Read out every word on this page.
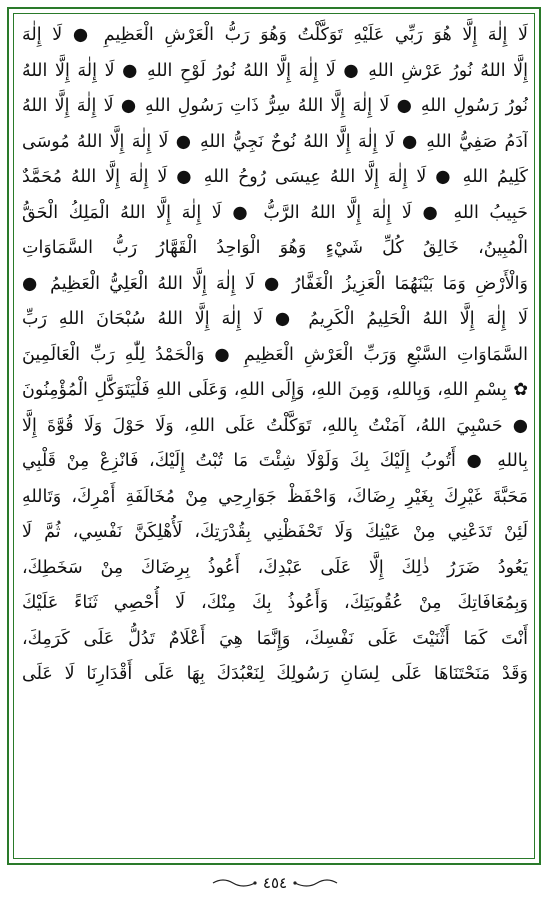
لَا إِلٰهَ إِلَّا هُوَ رَبِّي عَلَيْهِ تَوَكَّلْتُ وَهُوَ رَبُّ الْعَرْشِ الْعَظِيمِ ● لَا إِلٰهَ
إِلَّا اللهُ نُورُ عَرْشِ اللهِ ● لَا إِلٰهَ إِلَّا اللهُ نُورُ لَوْحِ اللهِ ● لَا إِلٰهَ إِلَّا اللهُ
نُورُ رَسُولِ اللهِ ● لَا إِلٰهَ إِلَّا اللهُ سِرُّ ذَاتِ رَسُولِ اللهِ ● لَا إِلٰهَ إِلَّا اللهُ
آدَمُ صَفِيُّ اللهِ ● لَا إِلٰهَ إِلَّا اللهُ نُوحٌ نَجِيُّ اللهِ ● لَا إِلٰهَ إِلَّا اللهُ مُوسَى
كَلِيمُ اللهِ ● لَا إِلٰهَ إِلَّا اللهُ عِيسَى رُوحُ اللهِ ● لَا إِلٰهَ إِلَّا اللهُ مُحَمَّدٌ
حَبِيبُ اللهِ ● لَا إِلٰهَ إِلَّا اللهُ الرَّبُّ ● لَا إِلٰهَ إِلَّا اللهُ الْمَلِكُ الْحَقُّ
الْمُبِينُ، خَالِقُ كُلِّ شَيْءٍ وَهُوَ الْوَاحِدُ الْقَهَّارُ رَبُّ السَّمَاوَاتِ
وَالْأَرْضِ وَمَا بَيْنَهُمَا الْعَزِيزُ الْغَفَّارُ ● لَا إِلٰهَ إِلَّا اللهُ الْعَلِيُّ الْعَظِيمُ ●
لَا إِلٰهَ إِلَّا اللهُ الْحَلِيمُ الْكَرِيمُ ● لَا إِلٰهَ إِلَّا اللهُ سُبْحَانَ اللهِ رَبِّ
السَّمَاوَاتِ السَّبْعِ وَرَبِّ الْعَرْشِ الْعَظِيمِ ● وَالْحَمْدُ لِلّٰهِ رَبِّ الْعَالَمِينَ
✿ بِسْمِ اللهِ، وَبِاللهِ، وَمِنَ اللهِ، وَإِلَى اللهِ، وَعَلَى اللهِ فَلْيَتَوَكَّلِ الْمُؤْمِنُونَ
● حَسْبِيَ اللهُ، آمَنْتُ بِاللهِ، تَوَكَّلْتُ عَلَى اللهِ، وَلَا حَوْلَ وَلَا قُوَّةَ إِلَّا
بِاللهِ ● أَتُوبُ إِلَيْكَ بِكَ وَلَوْلَا شِئْتَ مَا تُبْتُ إِلَيْكَ، فَانْزِعْ مِنْ قَلْبِي
مَحَبَّةَ غَيْرِكَ بِغَيْرِ رِضَاكَ، وَاحْفَظْ جَوَارِحِي مِنْ مُخَالَفَةِ أَمْرِكَ، وَتَاللهِ
لَئِنْ تَدَعْنِي مِنْ عَيْنِكَ وَلَا تَحْفَظْنِي بِقُدْرَتِكَ، لَأُهْلِكَنَّ نَفْسِي، ثُمَّ لَا
يَعُودُ ضَرَرُ ذٰلِكَ إِلَّا عَلَى عَبْدِكَ، أَعُوذُ بِرِضَاكَ مِنْ سَخَطِكَ،
وَبِمُعَافَاتِكَ مِنْ عُقُوبَتِكَ، وَأَعُوذُ بِكَ مِنْكَ، لَا أُحْصِي ثَنَاءً عَلَيْكَ
أَنْتَ كَمَا أَثْنَيْتَ عَلَى نَفْسِكَ، وَإِنَّمَا هِيَ أَعْلَامٌ تَدُلُّ عَلَى كَرَمِكَ،
وَقَدْ مَنَحْتَنَاهَا عَلَى لِسَانِ رَسُولِكَ لِنَعْبُدَكَ بِهَا عَلَى أَقْدَارِنَا لَا عَلَى
٤٥٤
